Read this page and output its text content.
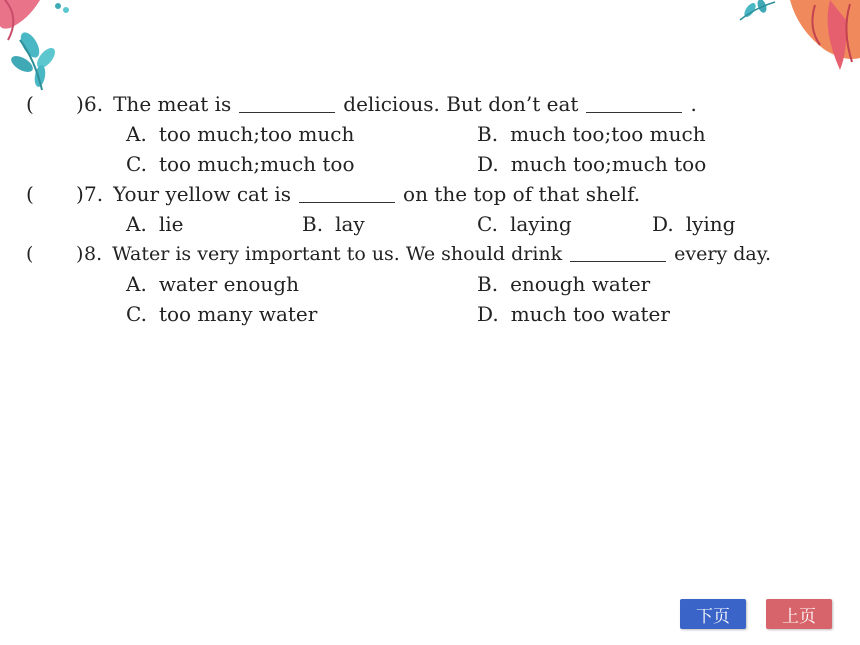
( )6. The meat is	delicious. But don’t eat	.
A. too much;too much	B. much too;too much
C. too much;much too	D. much too;much too
( )7. Your yellow cat is	on the top of that shelf.
A. lie	B. lay	C. laying	D. lying
( )8. Water is very important to us. We should drink	every day.
A. water enough	B. enough water
C. too many water	D. much too water
下页	上页
